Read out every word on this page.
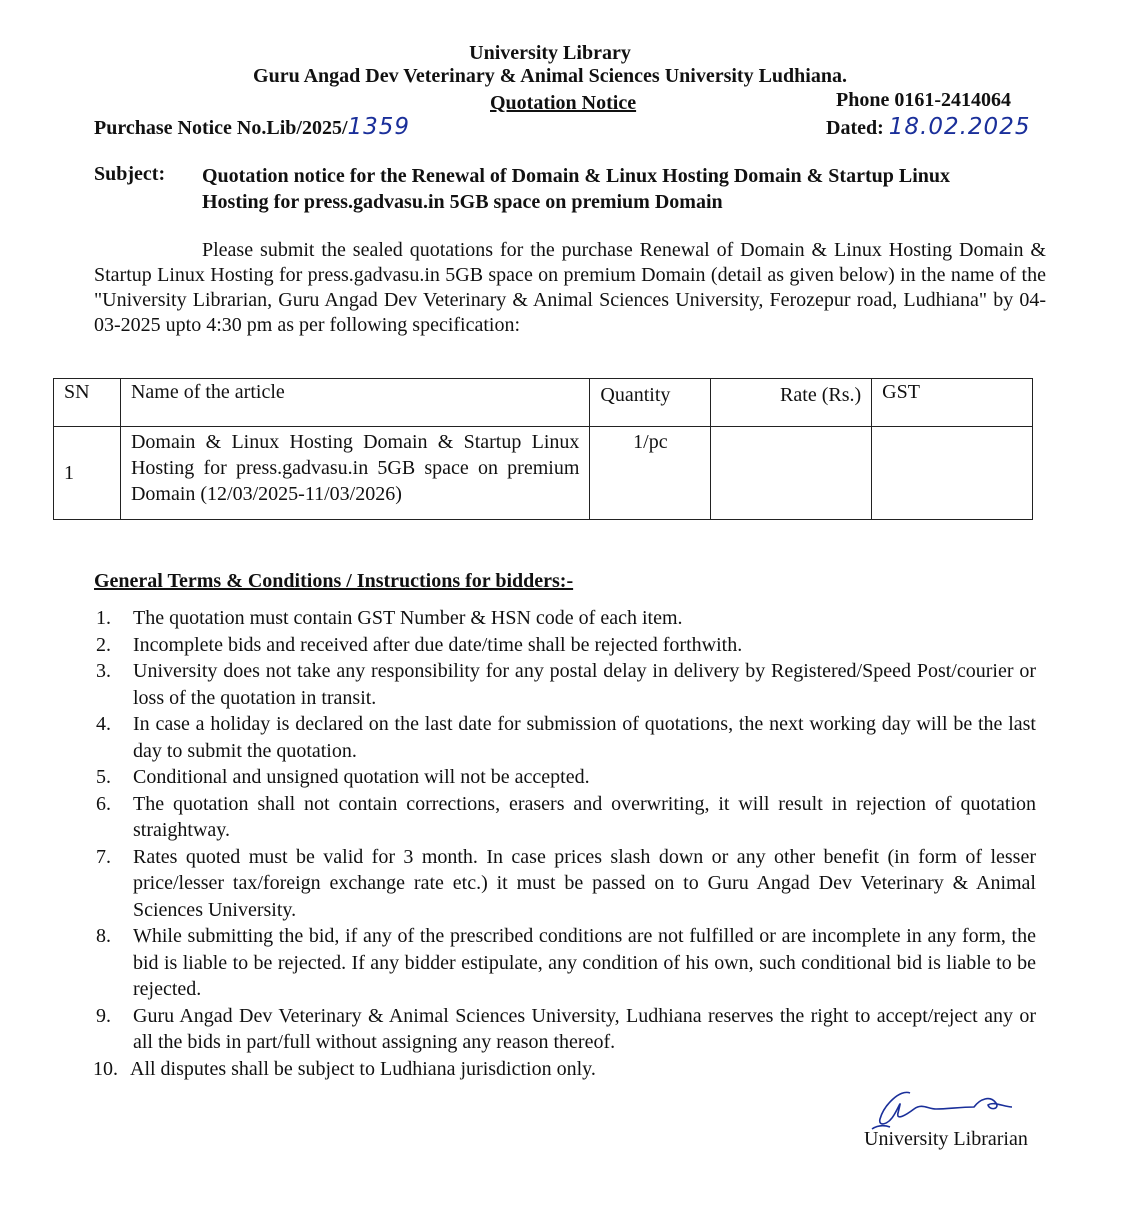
University Library
Guru Angad Dev Veterinary & Animal Sciences University Ludhiana.
Quotation Notice	Phone 0161-2414064
Purchase Notice No.Lib/2025/1359	Dated: 18.02.2025
Subject: Quotation notice for the Renewal of Domain & Linux Hosting Domain & Startup Linux Hosting for press.gadvasu.in 5GB space on premium Domain
Please submit the sealed quotations for the purchase Renewal of Domain & Linux Hosting Domain & Startup Linux Hosting for press.gadvasu.in 5GB space on premium Domain (detail as given below) in the name of the "University Librarian, Guru Angad Dev Veterinary & Animal Sciences University, Ferozepur road, Ludhiana" by 04-03-2025 upto 4:30 pm as per following specification:
SN	Name of the article	Quantity	Rate (Rs.)	GST
1	Domain & Linux Hosting Domain & Startup Linux Hosting for press.gadvasu.in 5GB space on premium Domain (12/03/2025-11/03/2026)	1/pc		
General Terms & Conditions / Instructions for bidders:-
1. The quotation must contain GST Number & HSN code of each item.
2. Incomplete bids and received after due date/time shall be rejected forthwith.
3. University does not take any responsibility for any postal delay in delivery by Registered/Speed Post/courier or loss of the quotation in transit.
4. In case a holiday is declared on the last date for submission of quotations, the next working day will be the last day to submit the quotation.
5. Conditional and unsigned quotation will not be accepted.
6. The quotation shall not contain corrections, erasers and overwriting, it will result in rejection of quotation straightway.
7. Rates quoted must be valid for 3 month. In case prices slash down or any other benefit (in form of lesser price/lesser tax/foreign exchange rate etc.) it must be passed on to Guru Angad Dev Veterinary & Animal Sciences University.
8. While submitting the bid, if any of the prescribed conditions are not fulfilled or are incomplete in any form, the bid is liable to be rejected. If any bidder estipulate, any condition of his own, such conditional bid is liable to be rejected.
9. Guru Angad Dev Veterinary & Animal Sciences University, Ludhiana reserves the right to accept/reject any or all the bids in part/full without assigning any reason thereof.
10. All disputes shall be subject to Ludhiana jurisdiction only.
University Librarian
